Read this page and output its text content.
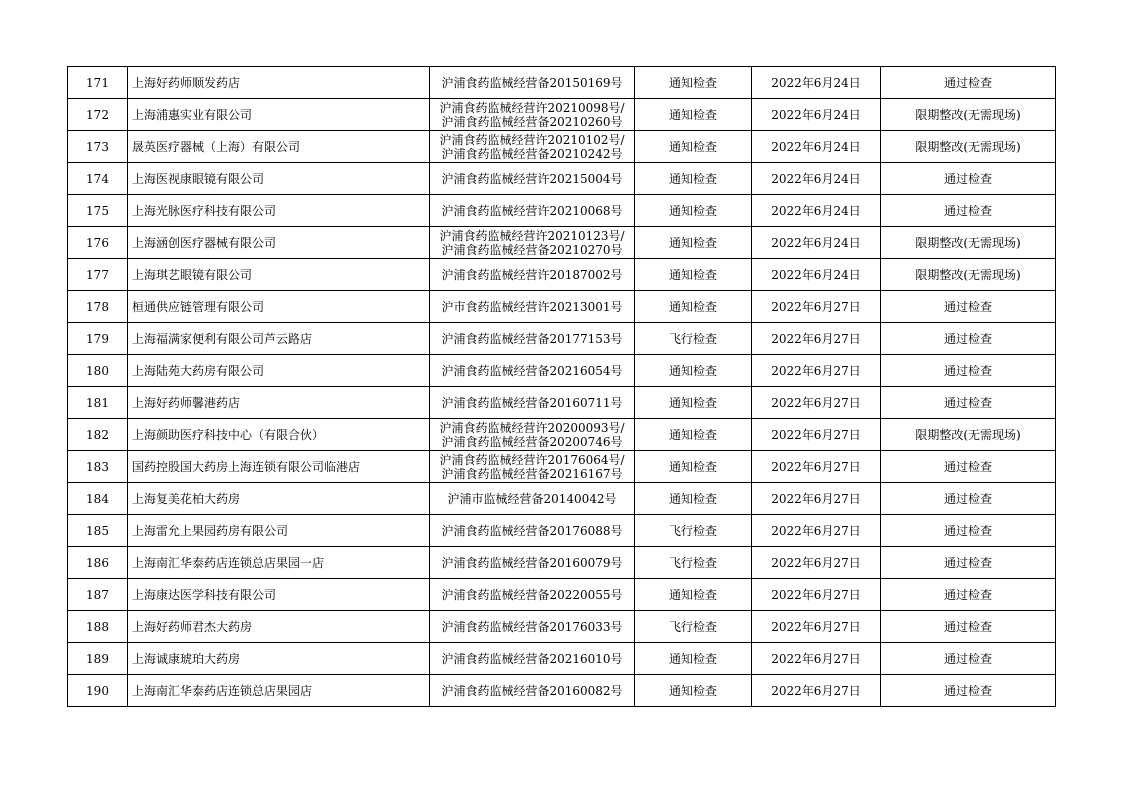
171	上海好药师顺发药店	沪浦食药监械经营备20150169号	通知检查	2022年6月24日	通过检查
172	上海浦惠实业有限公司	沪浦食药监械经营许20210098号/
沪浦食药监械经营备20210260号	通知检查	2022年6月24日	限期整改(无需现场)
173	晟英医疗器械（上海）有限公司	沪浦食药监械经营许20210102号/
沪浦食药监械经营备20210242号	通知检查	2022年6月24日	限期整改(无需现场)
174	上海医视康眼镜有限公司	沪浦食药监械经营许20215004号	通知检查	2022年6月24日	通过检查
175	上海光脉医疗科技有限公司	沪浦食药监械经营许20210068号	通知检查	2022年6月24日	通过检查
176	上海涵创医疗器械有限公司	沪浦食药监械经营许20210123号/
沪浦食药监械经营备20210270号	通知检查	2022年6月24日	限期整改(无需现场)
177	上海琪艺眼镜有限公司	沪浦食药监械经营许20187002号	通知检查	2022年6月24日	限期整改(无需现场)
178	桓通供应链管理有限公司	沪市食药监械经营许20213001号	通知检查	2022年6月27日	通过检查
179	上海福满家便利有限公司芦云路店	沪浦食药监械经营备20177153号	飞行检查	2022年6月27日	通过检查
180	上海陆苑大药房有限公司	沪浦食药监械经营备20216054号	通知检查	2022年6月27日	通过检查
181	上海好药师馨港药店	沪浦食药监械经营备20160711号	通知检查	2022年6月27日	通过检查
182	上海颜助医疗科技中心（有限合伙）	沪浦食药监械经营许20200093号/
沪浦食药监械经营备20200746号	通知检查	2022年6月27日	限期整改(无需现场)
183	国药控股国大药房上海连锁有限公司临港店	沪浦食药监械经营许20176064号/
沪浦食药监械经营备20216167号	通知检查	2022年6月27日	通过检查
184	上海复美花柏大药房	沪浦市监械经营备20140042号	通知检查	2022年6月27日	通过检查
185	上海雷允上果园药房有限公司	沪浦食药监械经营备20176088号	飞行检查	2022年6月27日	通过检查
186	上海南汇华泰药店连锁总店果园一店	沪浦食药监械经营备20160079号	飞行检查	2022年6月27日	通过检查
187	上海康达医学科技有限公司	沪浦食药监械经营备20220055号	通知检查	2022年6月27日	通过检查
188	上海好药师君杰大药房	沪浦食药监械经营备20176033号	飞行检查	2022年6月27日	通过检查
189	上海诚康琥珀大药房	沪浦食药监械经营备20216010号	通知检查	2022年6月27日	通过检查
190	上海南汇华泰药店连锁总店果园店	沪浦食药监械经营备20160082号	通知检查	2022年6月27日	通过检查
